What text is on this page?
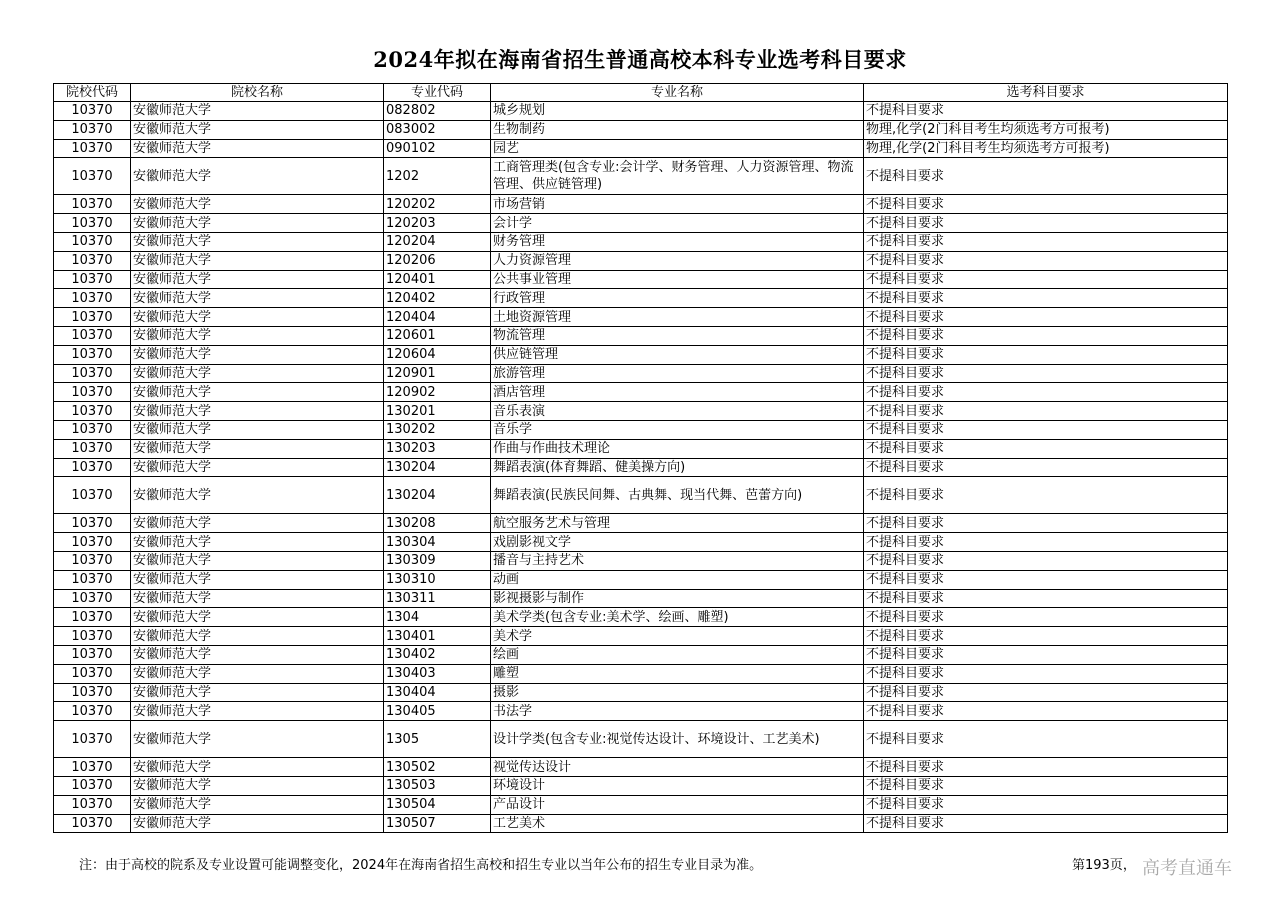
2024年拟在海南省招生普通高校本科专业选考科目要求
院校代码	院校名称	专业代码	专业名称	选考科目要求
10370	安徽师范大学	082802	城乡规划	不提科目要求
10370	安徽师范大学	083002	生物制药	物理,化学(2门科目考生均须选考方可报考)
10370	安徽师范大学	090102	园艺	物理,化学(2门科目考生均须选考方可报考)
10370	安徽师范大学	1202	工商管理类(包含专业:会计学、财务管理、人力资源管理、物流管理、供应链管理)	不提科目要求
10370	安徽师范大学	120202	市场营销	不提科目要求
10370	安徽师范大学	120203	会计学	不提科目要求
10370	安徽师范大学	120204	财务管理	不提科目要求
10370	安徽师范大学	120206	人力资源管理	不提科目要求
10370	安徽师范大学	120401	公共事业管理	不提科目要求
10370	安徽师范大学	120402	行政管理	不提科目要求
10370	安徽师范大学	120404	土地资源管理	不提科目要求
10370	安徽师范大学	120601	物流管理	不提科目要求
10370	安徽师范大学	120604	供应链管理	不提科目要求
10370	安徽师范大学	120901	旅游管理	不提科目要求
10370	安徽师范大学	120902	酒店管理	不提科目要求
10370	安徽师范大学	130201	音乐表演	不提科目要求
10370	安徽师范大学	130202	音乐学	不提科目要求
10370	安徽师范大学	130203	作曲与作曲技术理论	不提科目要求
10370	安徽师范大学	130204	舞蹈表演(体育舞蹈、健美操方向)	不提科目要求
10370	安徽师范大学	130204	舞蹈表演(民族民间舞、古典舞、现当代舞、芭蕾方向)	不提科目要求
10370	安徽师范大学	130208	航空服务艺术与管理	不提科目要求
10370	安徽师范大学	130304	戏剧影视文学	不提科目要求
10370	安徽师范大学	130309	播音与主持艺术	不提科目要求
10370	安徽师范大学	130310	动画	不提科目要求
10370	安徽师范大学	130311	影视摄影与制作	不提科目要求
10370	安徽师范大学	1304	美术学类(包含专业:美术学、绘画、雕塑)	不提科目要求
10370	安徽师范大学	130401	美术学	不提科目要求
10370	安徽师范大学	130402	绘画	不提科目要求
10370	安徽师范大学	130403	雕塑	不提科目要求
10370	安徽师范大学	130404	摄影	不提科目要求
10370	安徽师范大学	130405	书法学	不提科目要求
10370	安徽师范大学	1305	设计学类(包含专业:视觉传达设计、环境设计、工艺美术)	不提科目要求
10370	安徽师范大学	130502	视觉传达设计	不提科目要求
10370	安徽师范大学	130503	环境设计	不提科目要求
10370	安徽师范大学	130504	产品设计	不提科目要求
10370	安徽师范大学	130507	工艺美术	不提科目要求
注：由于高校的院系及专业设置可能调整变化，2024年在海南省招生高校和招生专业以当年公布的招生专业目录为准。	第193页， 高考直通车
